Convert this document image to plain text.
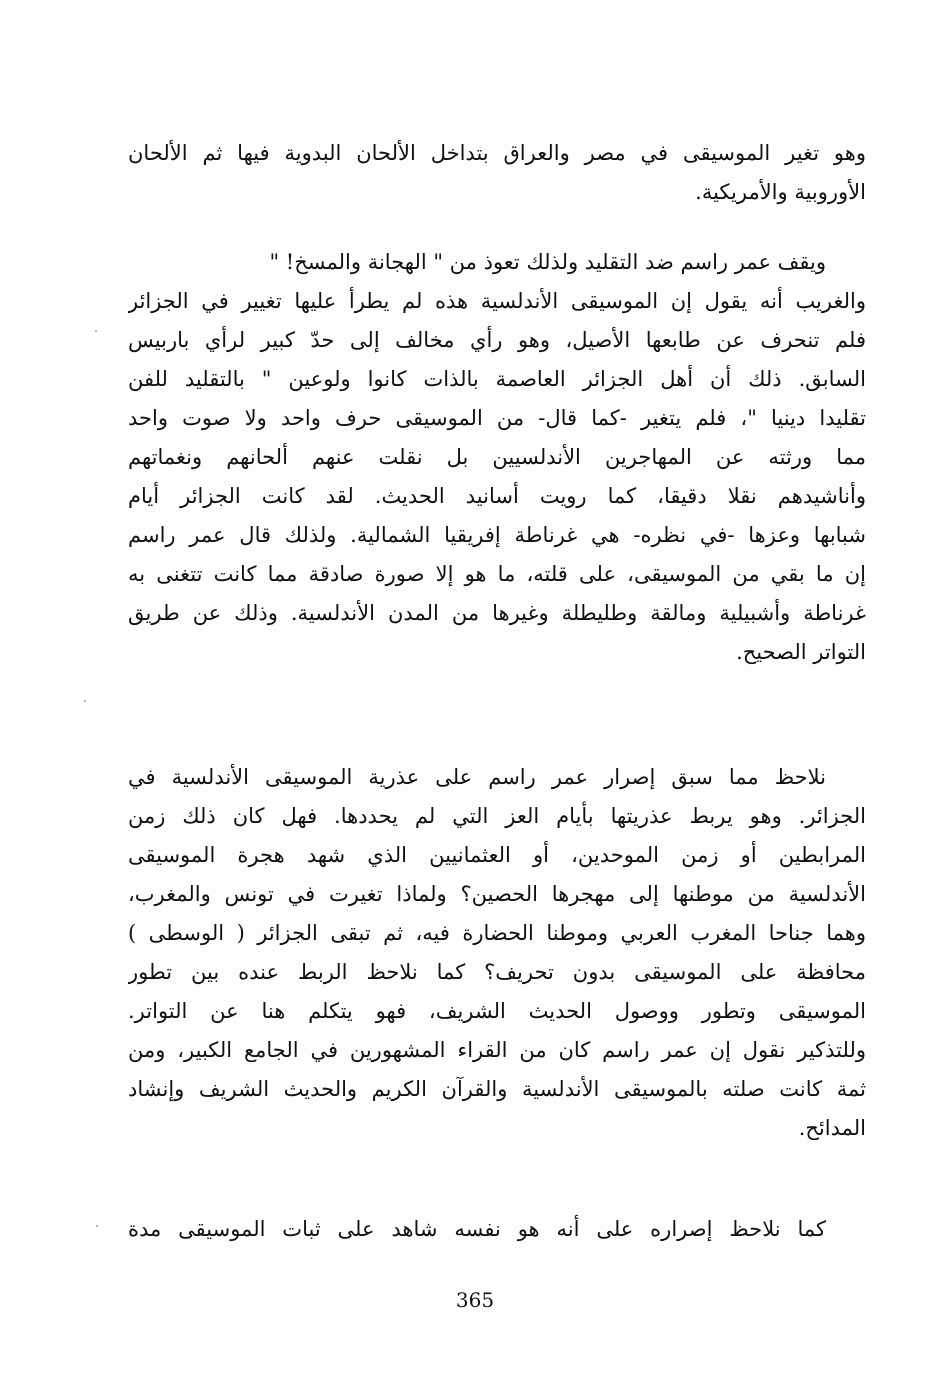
وهو تغير الموسيقى في مصر والعراق بتداخل الألحان البدوية فيها ثم الألحان
الأوروبية والأمريكية.
ويقف عمر راسم ضد التقليد ولذلك تعوذ من " الهجانة والمسخ! "
والغريب أنه يقول إن الموسيقى الأندلسية هذه لم يطرأ عليها تغيير في الجزائر
فلم تنحرف عن طابعها الأصيل، وهو رأي مخالف إلى حدّ كبير لرأي باربيس
السابق. ذلك أن أهل الجزائر العاصمة بالذات كانوا ولوعين " بالتقليد للفن
تقليدا دينيا "، فلم يتغير -كما قال- من الموسيقى حرف واحد ولا صوت واحد
مما ورثته عن المهاجرين الأندلسيين بل نقلت عنهم ألحانهم ونغماتهم
وأناشيدهم نقلا دقيقا، كما رويت أسانيد الحديث. لقد كانت الجزائر أيام
شبابها وعزها -في نظره- هي غرناطة إفريقيا الشمالية. ولذلك قال عمر راسم
إن ما بقي من الموسيقى، على قلته، ما هو إلا صورة صادقة مما كانت تتغنى به
غرناطة وأشبيلية ومالقة وطليطلة وغيرها من المدن الأندلسية. وذلك عن طريق
التواتر الصحيح.
نلاحظ مما سبق إصرار عمر راسم على عذرية الموسيقى الأندلسية في
الجزائر. وهو يربط عذريتها بأيام العز التي لم يحددها. فهل كان ذلك زمن
المرابطين أو زمن الموحدين، أو العثمانيين الذي شهد هجرة الموسيقى
الأندلسية من موطنها إلى مهجرها الحصين؟ ولماذا تغيرت في تونس والمغرب،
وهما جناحا المغرب العربي وموطنا الحضارة فيه، ثم تبقى الجزائر ( الوسطى )
محافظة على الموسيقى بدون تحريف؟ كما نلاحظ الربط عنده بين تطور
الموسيقى وتطور ووصول الحديث الشريف، فهو يتكلم هنا عن التواتر.
وللتذكير نقول إن عمر راسم كان من القراء المشهورين في الجامع الكبير، ومن
ثمة كانت صلته بالموسيقى الأندلسية والقرآن الكريم والحديث الشريف وإنشاد
المدائح.
كما نلاحظ إصراره على أنه هو نفسه شاهد على ثبات الموسيقى مدة
365
